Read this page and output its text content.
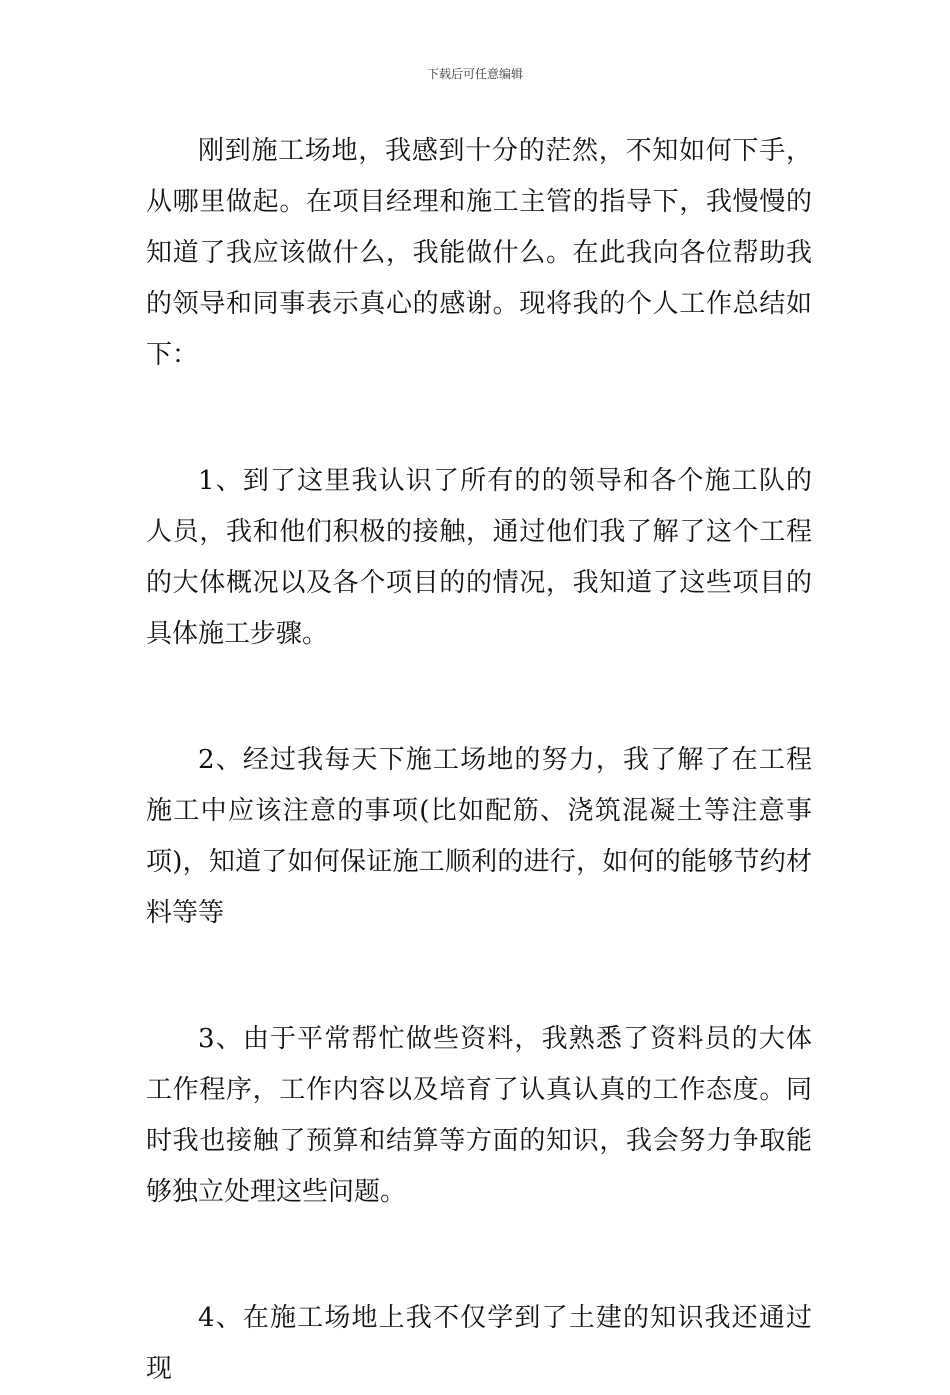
下载后可任意编辑

刚到施工场地，我感到十分的茫然，不知如何下手，从哪里做起。在项目经理和施工主管的指导下，我慢慢的知道了我应该做什么，我能做什么。在此我向各位帮助我的领导和同事表示真心的感谢。现将我的个人工作总结如下：

1、到了这里我认识了所有的的领导和各个施工队的人员，我和他们积极的接触，通过他们我了解了这个工程的大体概况以及各个项目的的情况，我知道了这些项目的具体施工步骤。

2、经过我每天下施工场地的努力，我了解了在工程施工中应该注意的事项(比如配筋、浇筑混凝土等注意事项)，知道了如何保证施工顺利的进行，如何的能够节约材料等等

3、由于平常帮忙做些资料，我熟悉了资料员的大体工作程序，工作内容以及培育了认真认真的工作态度。同时我也接触了预算和结算等方面的知识，我会努力争取能够独立处理这些问题。

4、在施工场地上我不仅学到了土建的知识我还通过现
